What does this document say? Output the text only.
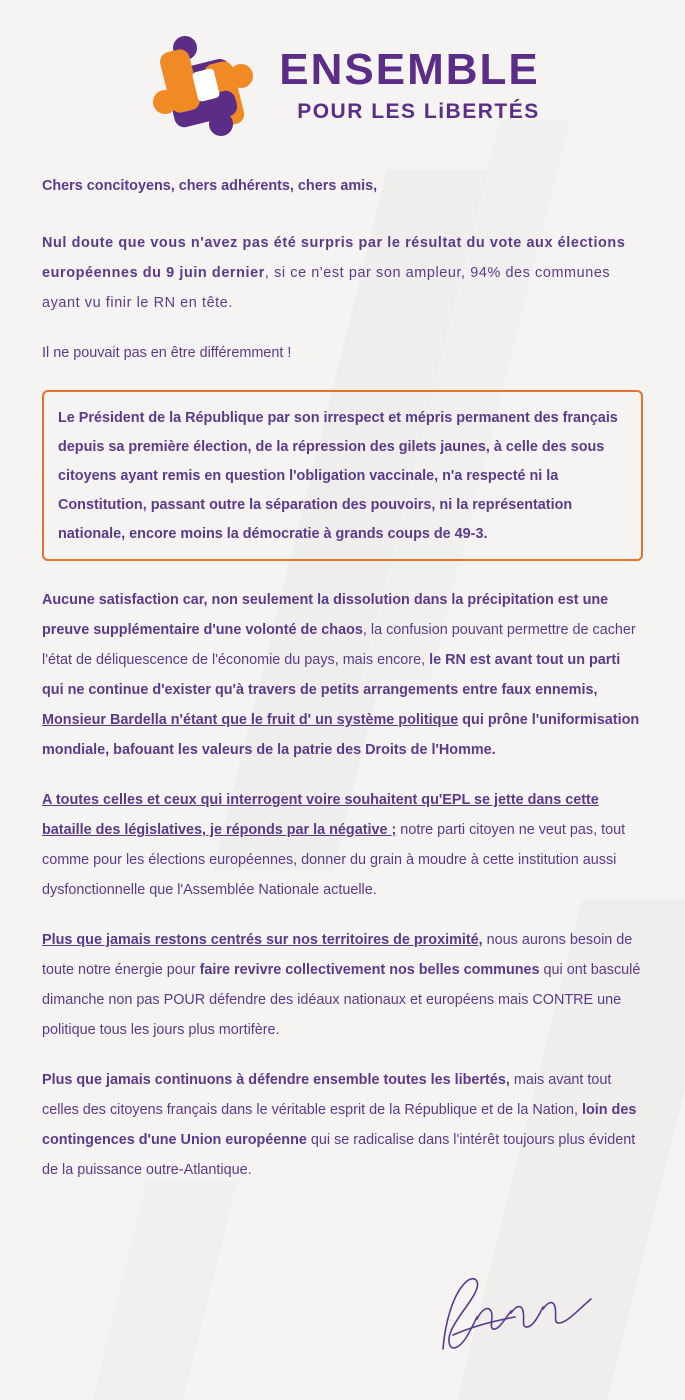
ENSEMBLE
POUR LES LiBERTÉS
Chers concitoyens, chers adhérents, chers amis,

Nul doute que vous n'avez pas été surpris par le résultat du vote aux élections européennes du 9 juin dernier, si ce n'est par son ampleur, 94% des communes ayant vu finir le RN en tête.

Il ne pouvait pas en être différemment !

Le Président de la République par son irrespect et mépris permanent des français depuis sa première élection, de la répression des gilets jaunes, à celle des sous citoyens ayant remis en question l'obligation vaccinale, n'a respecté ni la Constitution, passant outre la séparation des pouvoirs, ni la représentation nationale, encore moins la démocratie à grands coups de 49-3.

Aucune satisfaction car, non seulement la dissolution dans la précipitation est une preuve supplémentaire d'une volonté de chaos, la confusion pouvant permettre de cacher l'état de déliquescence de l'économie du pays, mais encore, le RN est avant tout un parti qui ne continue d'exister qu'à travers de petits arrangements entre faux ennemis, Monsieur Bardella n'étant que le fruit d' un système politique qui prône l'uniformisation mondiale, bafouant les valeurs de la patrie des Droits de l'Homme.

A toutes celles et ceux qui interrogent voire souhaitent qu'EPL se jette dans cette bataille des législatives, je réponds par la négative ; notre parti citoyen ne veut pas, tout comme pour les élections européennes, donner du grain à moudre à cette institution aussi dysfonctionnelle que l'Assemblée Nationale actuelle.

Plus que jamais restons centrés sur nos territoires de proximité, nous aurons besoin de toute notre énergie pour faire revivre collectivement nos belles communes qui ont basculé dimanche non pas POUR défendre des idéaux nationaux et européens mais CONTRE une politique tous les jours plus mortifère.

Plus que jamais continuons à défendre ensemble toutes les libertés, mais avant tout celles des citoyens français dans le véritable esprit de la République et de la Nation, loin des contingences d'une Union européenne qui se radicalise dans l'intérêt toujours plus évident de la puissance outre-Atlantique.
